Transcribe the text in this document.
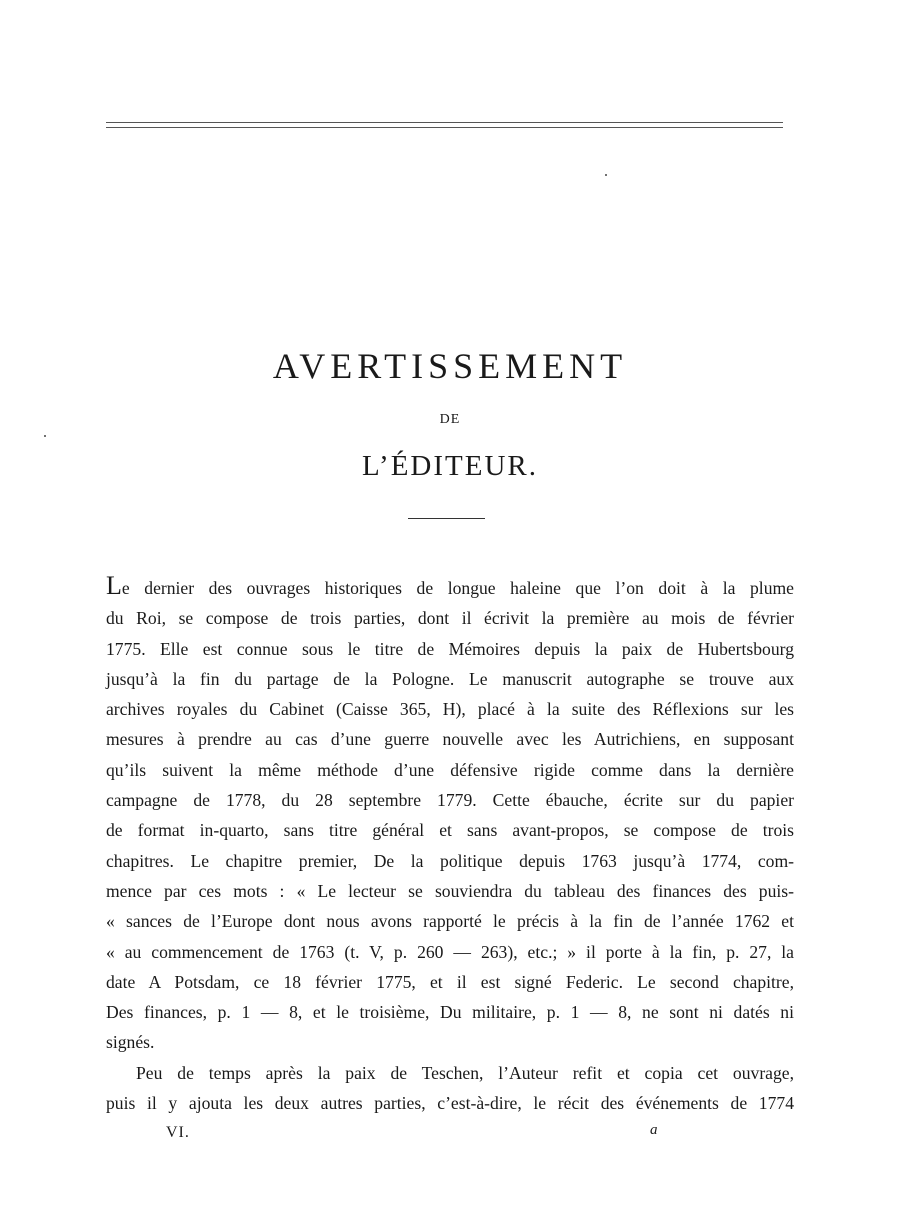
AVERTISSEMENT
DE
L’ÉDITEUR.
Le dernier des ouvrages historiques de longue haleine que l’on doit à la plume
du Roi, se compose de trois parties, dont il écrivit la première au mois de février
1775. Elle est connue sous le titre de Mémoires depuis la paix de Hubertsbourg
jusqu’à la fin du partage de la Pologne. Le manuscrit autographe se trouve aux
archives royales du Cabinet (Caisse 365, H), placé à la suite des Réflexions sur les
mesures à prendre au cas d’une guerre nouvelle avec les Autrichiens, en supposant
qu’ils suivent la même méthode d’une défensive rigide comme dans la dernière
campagne de 1778, du 28 septembre 1779. Cette ébauche, écrite sur du papier
de format in-quarto, sans titre général et sans avant-propos, se compose de trois
chapitres. Le chapitre premier, De la politique depuis 1763 jusqu’à 1774, com-
mence par ces mots : « Le lecteur se souviendra du tableau des finances des puis-
« sances de l’Europe dont nous avons rapporté le précis à la fin de l’année 1762 et
« au commencement de 1763 (t. V, p. 260 — 263), etc.; » il porte à la fin, p. 27, la
date A Potsdam, ce 18 février 1775, et il est signé Federic. Le second chapitre,
Des finances, p. 1 — 8, et le troisième, Du militaire, p. 1 — 8, ne sont ni datés ni
signés.
Peu de temps après la paix de Teschen, l’Auteur refit et copia cet ouvrage,
puis il y ajouta les deux autres parties, c’est-à-dire, le récit des événements de 1774
VI.	a
